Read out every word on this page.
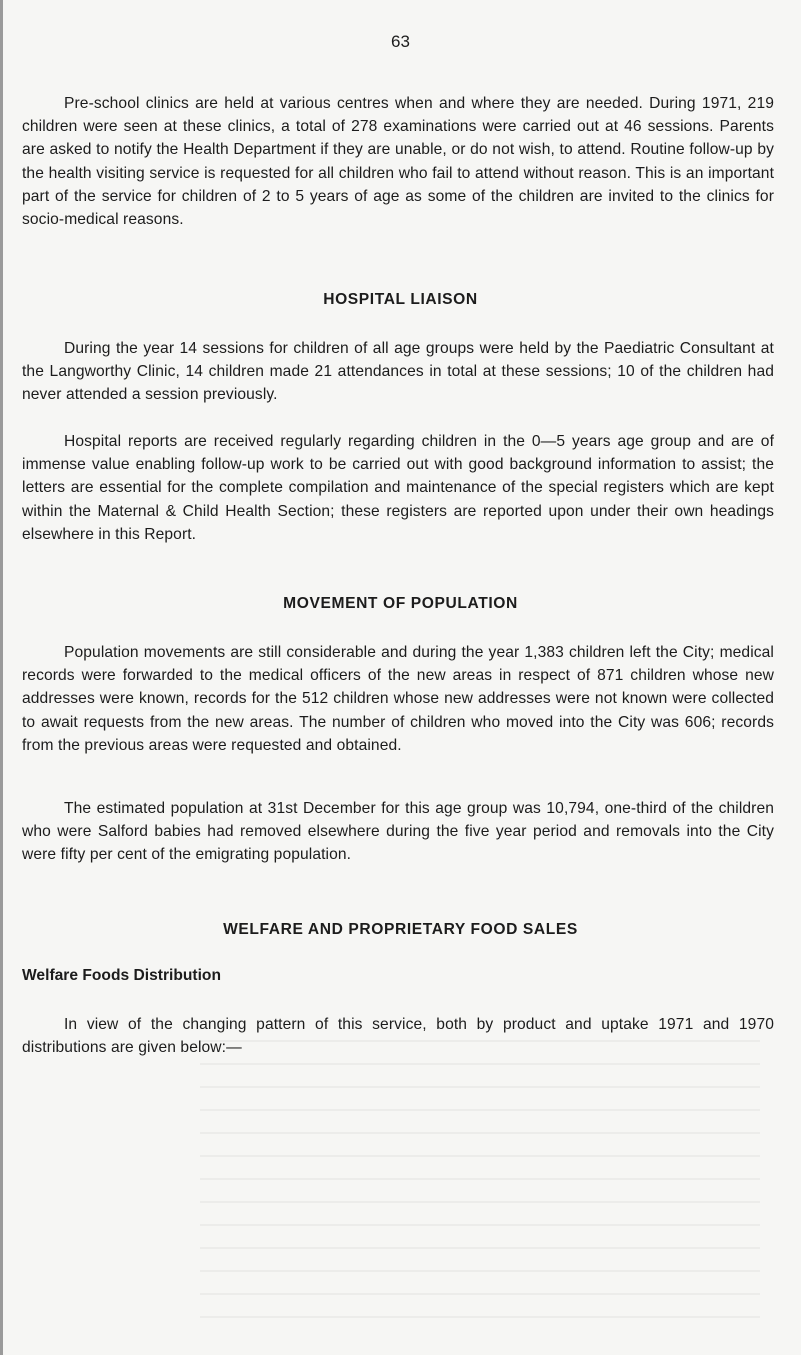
63

Pre-school clinics are held at various centres when and where they are needed. During 1971, 219 children were seen at these clinics, a total of 278 examinations were carried out at 46 sessions. Parents are asked to notify the Health Department if they are unable, or do not wish, to attend. Routine follow-up by the health visiting service is requested for all children who fail to attend without reason. This is an important part of the service for children of 2 to 5 years of age as some of the children are invited to the clinics for socio-medical reasons.

HOSPITAL LIAISON

During the year 14 sessions for children of all age groups were held by the Paediatric Consultant at the Langworthy Clinic, 14 children made 21 attendances in total at these sessions; 10 of the children had never attended a session previously.

Hospital reports are received regularly regarding children in the 0—5 years age group and are of immense value enabling follow-up work to be carried out with good background information to assist; the letters are essential for the complete compilation and maintenance of the special registers which are kept within the Maternal & Child Health Section; these registers are reported upon under their own headings elsewhere in this Report.

MOVEMENT OF POPULATION

Population movements are still considerable and during the year 1,383 children left the City; medical records were forwarded to the medical officers of the new areas in respect of 871 children whose new addresses were known, records for the 512 children whose new addresses were not known were collected to await requests from the new areas. The number of children who moved into the City was 606; records from the previous areas were requested and obtained.

The estimated population at 31st December for this age group was 10,794, one-third of the children who were Salford babies had removed elsewhere during the five year period and removals into the City were fifty per cent of the emigrating population.

WELFARE AND PROPRIETARY FOOD SALES
Welfare Foods Distribution

In view of the changing pattern of this service, both by product and uptake 1971 and 1970 distributions are given below:—
